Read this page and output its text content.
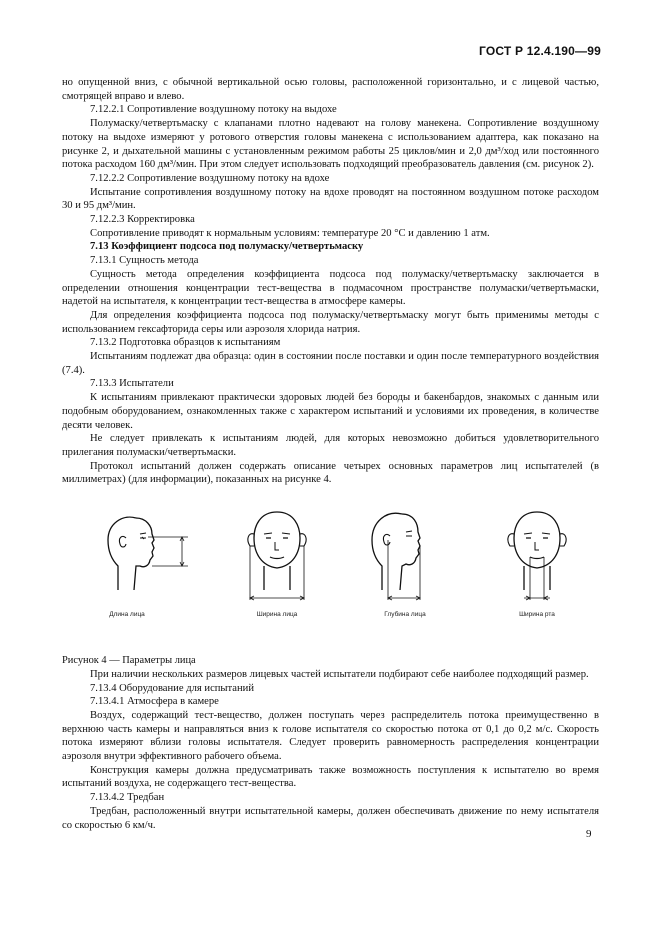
ГОСТ Р 12.4.190—99

но опущенной вниз, с обычной вертикальной осью головы, расположенной горизонтально, и с лицевой частью, смотрящей вправо и влево.

7.12.2.1 Сопротивление воздушному потоку на выдохе

Полумаску/четвертьмаску с клапанами плотно надевают на голову манекена. Сопротивление воздушному потоку на выдохе измеряют у ротового отверстия головы манекена с использованием адаптера, как показано на рисунке 2, и дыхательной машины с установленным режимом работы 25 циклов/мин и 2,0 дм³/ход или постоянного потока расходом 160 дм³/мин. При этом следует использовать подходящий преобразователь давления (см. рисунок 2).

7.12.2.2 Сопротивление воздушному потоку на вдохе

Испытание сопротивления воздушному потоку на вдохе проводят на постоянном воздушном потоке расходом 30 и 95 дм³/мин.

7.12.2.3 Корректировка

Сопротивление приводят к нормальным условиям: температуре 20 °С и давлению 1 атм.

7.13 Коэффициент подсоса под полумаску/четвертьмаску

7.13.1 Сущность метода

Сущность метода определения коэффициента подсоса под полумаску/четвертьмаску заключается в определении отношения концентрации тест-вещества в подмасочном пространстве полумаски/четвертьмаски, надетой на испытателя, к концентрации тест-вещества в атмосфере камеры.

Для определения коэффициента подсоса под полумаску/четвертьмаску могут быть применимы методы с использованием гексафторида серы или аэрозоля хлорида натрия.

7.13.2 Подготовка образцов к испытаниям

Испытаниям подлежат два образца: один в состоянии после поставки и один после температурного воздействия (7.4).

7.13.3 Испытатели

К испытаниям привлекают практически здоровых людей без бороды и бакенбардов, знакомых с данным или подобным оборудованием, ознакомленных также с характером испытаний и условиями их проведения, в количестве десяти человек.

Не следует привлекать к испытаниям людей, для которых невозможно добиться удовлетворительного прилегания полумаски/четвертьмаски.

Протокол испытаний должен содержать описание четырех основных параметров лиц испытателей (в миллиметрах) (для информации), показанных на рисунке 4.

Длина лица	Ширина лица	Глубина лица	Ширина рта

Рисунок 4 — Параметры лица

При наличии нескольких размеров лицевых частей испытатели подбирают себе наиболее подходящий размер.

7.13.4 Оборудование для испытаний

7.13.4.1 Атмосфера в камере

Воздух, содержащий тест-вещество, должен поступать через распределитель потока преимущественно в верхнюю часть камеры и направляться вниз к голове испытателя со скоростью потока от 0,1 до 0,2 м/с. Скорость потока измеряют вблизи головы испытателя. Следует проверить равномерность распределения концентрации аэрозоля внутри эффективного рабочего объема.

Конструкция камеры должна предусматривать также возможность поступления к испытателю во время испытаний воздуха, не содержащего тест-вещества.

7.13.4.2 Тредбан

Тредбан, расположенный внутри испытательной камеры, должен обеспечивать движение по нему испытателя со скоростью 6 км/ч.

9
